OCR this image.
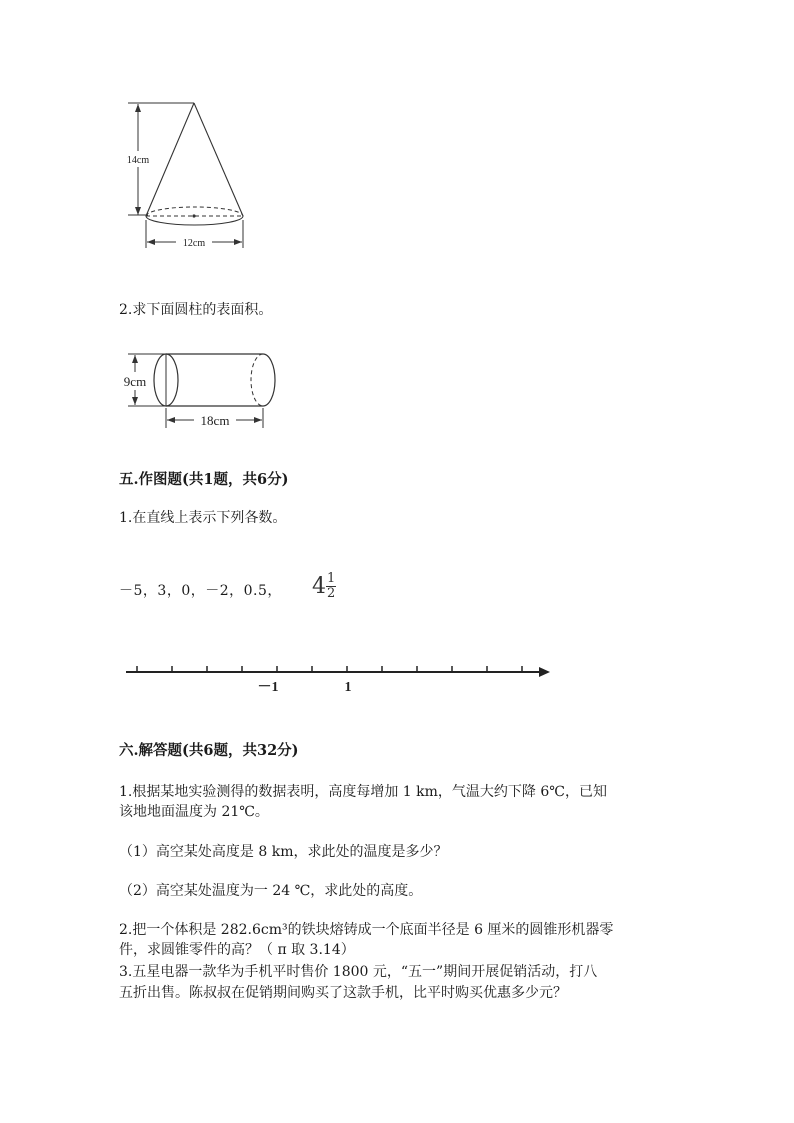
14cm
12cm
2.求下面圆柱的表面积。
9cm
18cm
五.作图题(共1题，共6分)
1.在直线上表示下列各数。
－5，3，0，－2，0.5， $4 \frac{1}{2}$
－1	1
六.解答题(共6题，共32分)
1.根据某地实验测得的数据表明，高度每增加 1 km，气温大约下降 6℃，已知
该地地面温度为 21℃。
（1）高空某处高度是 8 km，求此处的温度是多少？
（2）高空某处温度为一 24 ℃，求此处的高度。
2.把一个体积是 282.6cm³的铁块熔铸成一个底面半径是 6 厘米的圆锥形机器零
件，求圆锥零件的高？（ π 取 3.14）
3.五星电器一款华为手机平时售价 1800 元，“五一”期间开展促销活动，打八
五折出售。陈叔叔在促销期间购买了这款手机，比平时购买优惠多少元？
